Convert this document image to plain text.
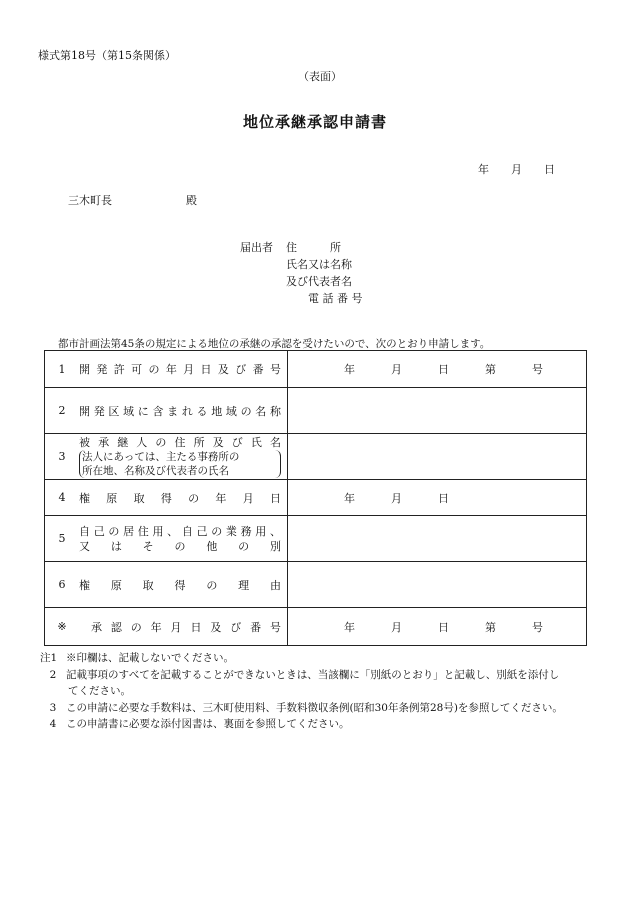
様式第18号（第15条関係）
（表面）
地位承継承認申請書
年 月 日
三木町長	殿
届出者 住　　　所
氏名又は名称
及び代表者名
電 話 番 号
都市計画法第45条の規定による地位の承継の承認を受けたいので、次のとおり申請します。
1 開発許可の年月日及び番号	年 月 日 第 号

2 開発区域に含まれる地域の名称	

3
被承継人の住所及び氏名
法人にあっては、主たる事務所の
所在地、名称及び代表者の氏名	

4 権原取得の年月日	年 月 日

5
自己の居住用、自己の業務用、
又はその他の別	

6 権原取得の理由	

※ 承認の年月日及び番号	年 月 日 第 号
注1 ※印欄は、記載しないでください。
2 記載事項のすべてを記載することができないときは、当該欄に「別紙のとおり」と記載し、別紙を添付し
てください。
3 この申請に必要な手数料は、三木町使用料、手数料徴収条例(昭和30年条例第28号)を参照してください。
4 この申請書に必要な添付図書は、裏面を参照してください。
